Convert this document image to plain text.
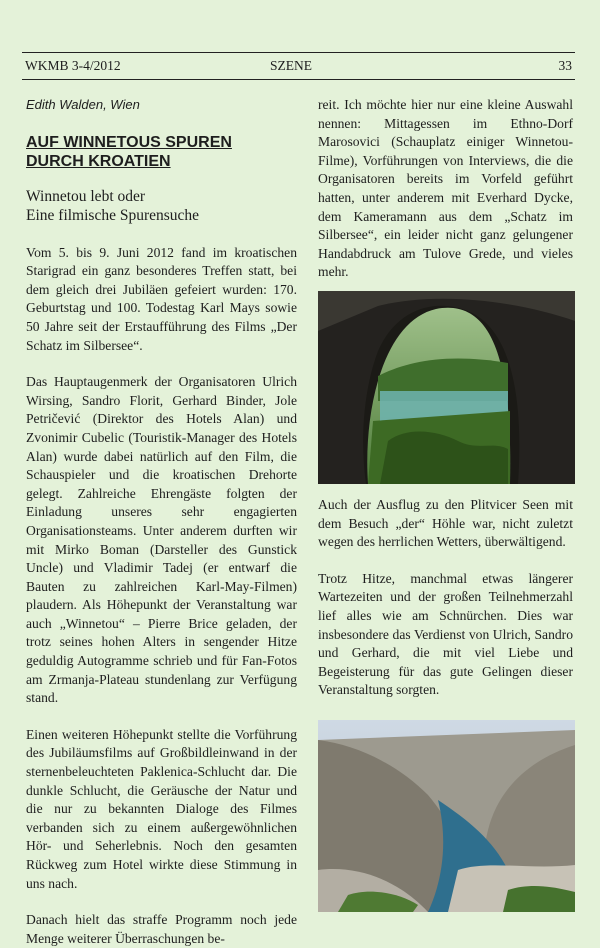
WKMB 3-4/2012	SZENE	33

Edith Walden, Wien

AUF WINNETOUS SPUREN
DURCH KROATIEN

Winnetou lebt oder
Eine filmische Spurensuche

Vom 5. bis 9. Juni 2012 fand im kroatischen Starigrad ein ganz besonderes Treffen statt, bei dem gleich drei Jubiläen gefeiert wurden: 170. Geburtstag und 100. Todestag Karl Mays sowie 50 Jahre seit der Erstaufführung des Films „Der Schatz im Silbersee“.

Das Hauptaugenmerk der Organisatoren Ulrich Wirsing, Sandro Florit, Gerhard Binder, Jole Petričević (Direktor des Hotels Alan) und Zvonimir Cubelic (Touristik-Manager des Hotels Alan) wurde dabei natürlich auf den Film, die Schauspieler und die kroatischen Drehorte gelegt. Zahlreiche Ehrengäste folgten der Einladung unseres sehr engagierten Organisationsteams. Unter anderem durften wir mit Mirko Boman (Darsteller des Gunstick Uncle) und Vladimir Tadej (er entwarf die Bauten zu zahlreichen Karl-May-Filmen) plaudern. Als Höhepunkt der Veranstaltung war auch „Winnetou“ – Pierre Brice geladen, der trotz seines hohen Alters in sengender Hitze geduldig Autogramme schrieb und für Fan-Fotos am Zrmanja-Plateau stundenlang zur Verfügung stand.

Einen weiteren Höhepunkt stellte die Vorführung des Jubiläumsfilms auf Großbildleinwand in der sternenbeleuchteten Paklenica-Schlucht dar. Die dunkle Schlucht, die Geräusche der Natur und die nur zu bekannten Dialoge des Filmes verbanden sich zu einem außergewöhnlichen Hör- und Seherlebnis. Noch den gesamten Rückweg zum Hotel wirkte diese Stimmung in uns nach.

Danach hielt das straffe Programm noch jede Menge weiterer Überraschungen be-

reit. Ich möchte hier nur eine kleine Auswahl nennen: Mittagessen im Ethno-Dorf Marosovici (Schauplatz einiger Winnetou-Filme), Vorführungen von Interviews, die die Organisatoren bereits im Vorfeld geführt hatten, unter anderem mit Everhard Dycke, dem Kameramann aus dem „Schatz im Silbersee“, ein leider nicht ganz gelungener Handabdruck am Tulove Grede, und vieles mehr.

Auch der Ausflug zu den Plitvicer Seen mit dem Besuch „der“ Höhle war, nicht zuletzt wegen des herrlichen Wetters, überwältigend.

Trotz Hitze, manchmal etwas längerer Wartezeiten und der großen Teilnehmerzahl lief alles wie am Schnürchen. Dies war insbesondere das Verdienst von Ulrich, Sandro und Gerhard, die mit viel Liebe und Begeisterung für das gute Gelingen dieser Veranstaltung sorgten.
